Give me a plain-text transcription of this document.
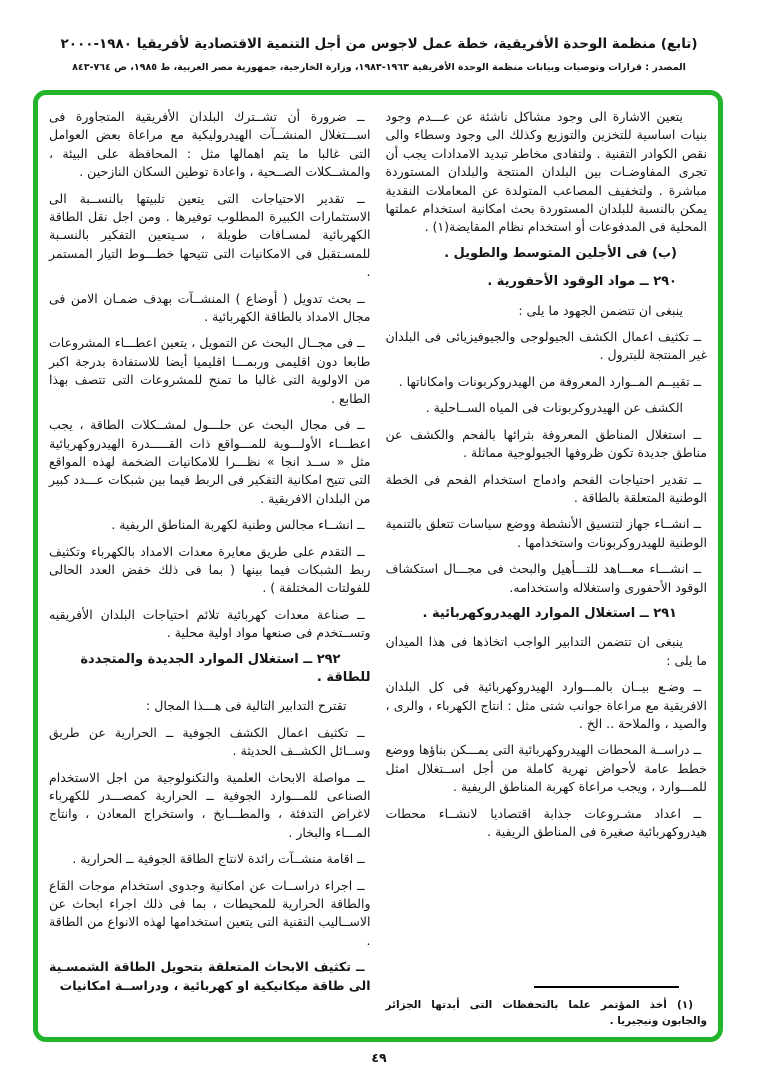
(تابع) منظمة الوحدة الأفريقية، خطة عمل لاجوس من أجل التنمية الاقتصادية لأفريقيا ١٩٨٠-٢٠٠٠
المصدر : قرارات وتوصيات وبيانات منظمة الوحدة الأفريقية ١٩٦٣-١٩٨٣، وزارة الخارجية، جمهورية مصر العربية، ط ١٩٨٥، ص ٧٦٤-٨٤٣

يتعين الاشارة الى وجود مشاكل ناشئة عن عـــدم وجود بنيات اساسية للتخزين والتوزيع وكذلك الى وجود وسطاء والى نقص الكوادر التقنية . ولتفادى مخاطر تبديد الامدادات يجب أن تجرى المفاوضـات بين البلدان المنتجة والبلدان المستوردة مباشرة . ولتخفيف المصاعب المتولدة عن المعاملات النقدية يمكن بالنسبة للبلدان المستوردة بحث امكانية استخدام عملتها المحلية فى المدفوعات أو استخدام نظام المقايضة(١) .

(ب) فى الأجلين المتوسط والطويل .

٢٩٠ ــ مواد الوقود الأحفورية .

ينبغى ان تتضمن الجهود ما يلى :

ــ تكثيف اعمال الكشف الجيولوجى والجيوفيزيائى فى البلدان غير المنتجة للبترول .

ــ تقييــم المــوارد المعروفة من الهيدروكربونات وامكاناتها .

الكشف عن الهيدروكربونات فى المياه الســاحلية .

ــ استغلال المناطق المعروفة بثرائها بالفحم والكشف عن مناطق جديدة تكون ظروفها الجيولوجية مماثلة .

ــ تقدير احتياجات الفحم وادماج استخدام الفحم فى الخطة الوطنية المتعلقة بالطاقة .

ــ انشــاء جهاز لتنسيق الأنشطة ووضع سياسات تتعلق بالتنمية الوطنية للهيدروكربونات واستخدامها .

ــ انشـــاء معـــاهد للتـــأهيل والبحث فى مجـــال استكشاف الوقود الأحفورى واستغلاله واستخدامه.

٢٩١ ــ استغلال الموارد الهيدروكهربائية .

ينبغى ان تتضمن التدابير الواجب اتخاذها فى هذا الميدان ما يلى :

ــ وضـع بيــان بالمـــوارد الهيدروكهربائية فى كل البلدان الافريقية مع مراعاة جوانب شتى مثل : انتاج الكهرباء ، والرى ، والصيد ، والملاحة .. الخ .

ــ دراســة المحطات الهيدروكهربائية التى يمـــكن بناؤها ووضع خطط عامة لأحواض نهرية كاملة من أجل اســتغلال امثل للمـــوارد ، ويجب مراعاة كهربة المناطق الريفية .

ــ اعداد مشـروعات جذابة اقتصاديا لانشــاء محطات هيدروكهربائية صغيرة فى المناطق الريفية .

(١) أخذ المؤتمر علما بالتحفظات التى أبدتها الجزائر والجابون ونيجيريا .

ــ ضرورة أن تشــترك البلدان الأفريقية المتجاورة فى اســـتغلال المنشــآت الهيدروليكية مع مراعاة بعض العوامل التى غالبا ما يتم اهمالها مثل : المحافظة على البيئة ، والمشــكلات الصــحية ، واعادة توطين السكان النازحين .

ــ تقدير الاحتياجات التى يتعين تلبيتها بالنســبة الى الاستثمارات الكبيرة المطلوب توفيرها . ومن اجل نقل الطاقة الكهربائية لمسـافات طويلة ، سـيتعين التفكير بالنسـبة للمسـتقبل فى الامكانيات التى تتيحها خطـــوط التيار المستمر .

ــ بحث تدويل ( أوضاع ) المنشــآت بهدف ضمـان الامن فى مجال الامداد بالطاقة الكهربائية .

ــ فى مجــال البحث عن التمويل ، يتعين اعطـــاء المشروعات طابعا دون اقليمى وربمـــا اقليميا أيضا للاستفادة بدرجة اكبر من الاولوية التى غالبا ما تمنح للمشروعات التى تتصف بهذا الطابع .

ــ فى مجال البحث عن حلـــول لمشــكلات الطاقة ، يجب اعطـــاء الأولـــوية للمـــواقع ذات القـــــدرة الهيدروكهربائية مثل « ســد انجا » نظـــرا للامكانيات الضخمة لهذه المواقع التى تتيح امكانية التفكير فى الربط فيما بين شبكات عـــدد كبير من البلدان الافريقية .

ــ انشــاء مجالس وطنية لكهربة المناطق الريفية .

ــ التقدم على طريق معايرة معدات الامداد بالكهرباء وتكثيف ربط الشبكات فيما بينها ( بما فى ذلك خفض العدد الحالى للفولتات المختلفة ) .

ــ صناعة معدات كهربائية تلائم احتياجات البلدان الأفريقيه وتســتخدم فى صنعها مواد اولية محلية .

٢٩٢ ــ استغلال الموارد الجديدة والمتجددة للطاقة .

تقترح التدابير التالية فى هـــذا المجال :

ــ تكثيف اعمال الكشف الجوفية ــ الحرارية عن طريق وســائل الكشــف الحديثة .

ــ مواصلة الابحاث العلمية والتكنولوجية من اجل الاستخدام الصناعى للمـــوارد الجوفية ــ الحرارية كمصـــدر للكهرباء لاغراض التدفئة ، والمطـــابخ ، واستخراج المعادن ، وانتاج المـــاء والبخار .

ــ اقامة منشــآت رائدة لانتاج الطاقة الجوفية ــ الحرارية .

ــ اجراء دراســات عن امكانية وجدوى استخدام موجات القاع والطاقة الحرارية للمحيطات ، بما فى ذلك اجراء ابحاث عن الاســاليب التقنية التى يتعين استخدامها لهذه الانواع من الطاقة .

ــ تكثيف الابحاث المتعلقة بتحويل الطاقة الشمسـية الى طاقة ميكانيكية او كهربائية ، ودراســة امكانيات

٤٩
